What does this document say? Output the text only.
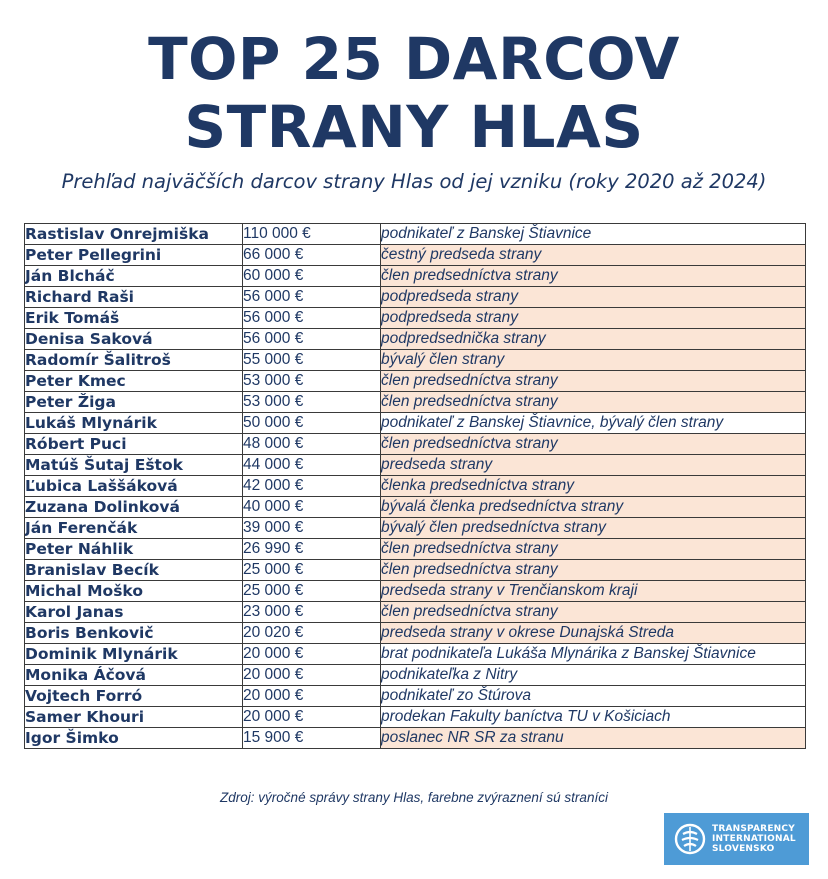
TOP 25 DARCOV
STRANY HLAS
Prehľad najväčších darcov strany Hlas od jej vzniku (roky 2020 až 2024)
Rastislav Onrejmiška	110 000 €	podnikateľ z Banskej Štiavnice
Peter Pellegrini	66 000 €	čestný predseda strany
Ján Blcháč	60 000 €	člen predsedníctva strany
Richard Raši	56 000 €	podpredseda strany
Erik Tomáš	56 000 €	podpredseda strany
Denisa Saková	56 000 €	podpredsednička strany
Radomír Šalitroš	55 000 €	bývalý člen strany
Peter Kmec	53 000 €	člen predsedníctva strany
Peter Žiga	53 000 €	člen predsedníctva strany
Lukáš Mlynárik	50 000 €	podnikateľ z Banskej Štiavnice, bývalý člen strany
Róbert Puci	48 000 €	člen predsedníctva strany
Matúš Šutaj Eštok	44 000 €	predseda strany
Ľubica Laššáková	42 000 €	členka predsedníctva strany
Zuzana Dolinková	40 000 €	bývalá členka predsedníctva strany
Ján Ferenčák	39 000 €	bývalý člen predsedníctva strany
Peter Náhlik	26 990 €	člen predsedníctva strany
Branislav Becík	25 000 €	člen predsedníctva strany
Michal Moško	25 000 €	predseda strany v Trenčianskom kraji
Karol Janas	23 000 €	člen predsedníctva strany
Boris Benkovič	20 020 €	predseda strany v okrese Dunajská Streda
Dominik Mlynárik	20 000 €	brat podnikateľa Lukáša Mlynárika z Banskej Štiavnice
Monika Áčová	20 000 €	podnikateľka z Nitry
Vojtech Forró	20 000 €	podnikateľ zo Štúrova
Samer Khouri	20 000 €	prodekan Fakulty baníctva TU v Košiciach
Igor Šimko	15 900 €	poslanec NR SR za stranu
Zdroj: výročné správy strany Hlas, farebne zvýraznení sú straníci
TRANSPARENCY
INTERNATIONAL
SLOVENSKO
